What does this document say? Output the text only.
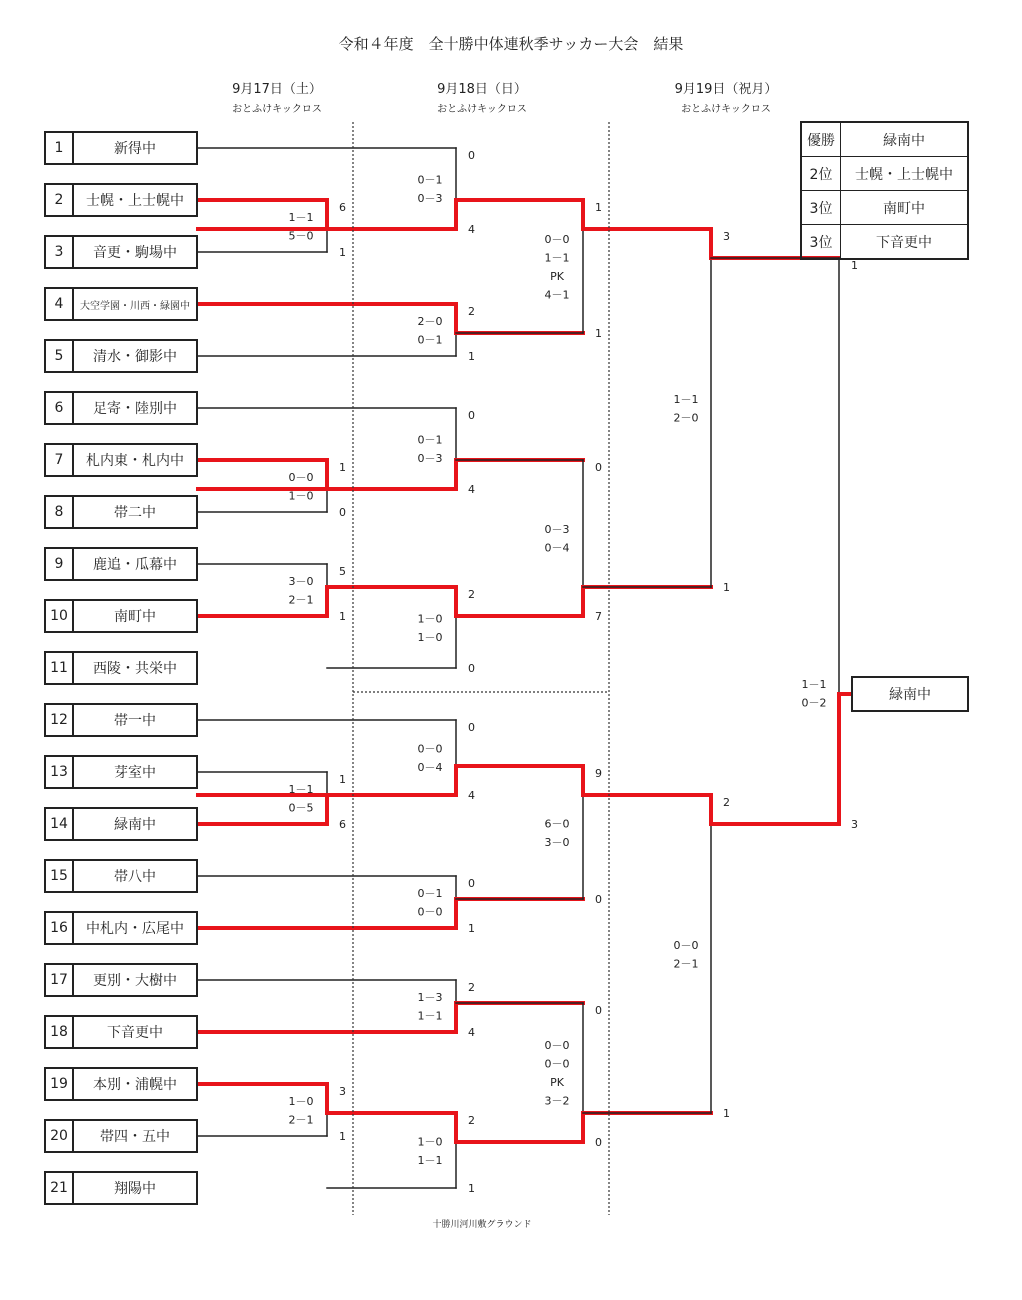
令和４年度　全十勝中体連秋季サッカー大会　結果
9月17日（土）
おとふけキックロス
9月18日（日）
おとふけキックロス
9月19日（祝月）
おとふけキックロス
6
1
1－1
5－0
1
0
0－0
1－0
5
1
3－0
2－1
1
6
1－1
0－5
3
1
1－0
2－1
0
4
0－1
0－3
2
1
2－0
0－1
0
4
0－1
0－3
2
0
1－0
1－0
0
4
0－0
0－4
0
1
0－1
0－0
2
4
1－3
1－1
2
1
1－0
1－1
1
1
0－0
1－1
PK
4－1
0
7
0－3
0－4
9
0
6－0
3－0
0
0
0－0
0－0
PK
3－2
3
1
1－1
2－0
2
1
0－0
2－1
1
3
1－1
0－2
1	新得中
2	士幌・上士幌中
3	音更・駒場中
4	大空学園・川西・緑園中
5	清水・御影中
6	足寄・陸別中
7	札内東・札内中
8	帯二中
9	鹿追・瓜幕中
10	南町中
11	西陵・共栄中
12	帯一中
13	芽室中
14	緑南中
15	帯八中
16	中札内・広尾中
17	更別・大樹中
18	下音更中
19	本別・浦幌中
20	帯四・五中
21	翔陽中
優勝	緑南中
2位	士幌・上士幌中
3位	南町中
3位	下音更中
緑南中
十勝川河川敷グラウンド
